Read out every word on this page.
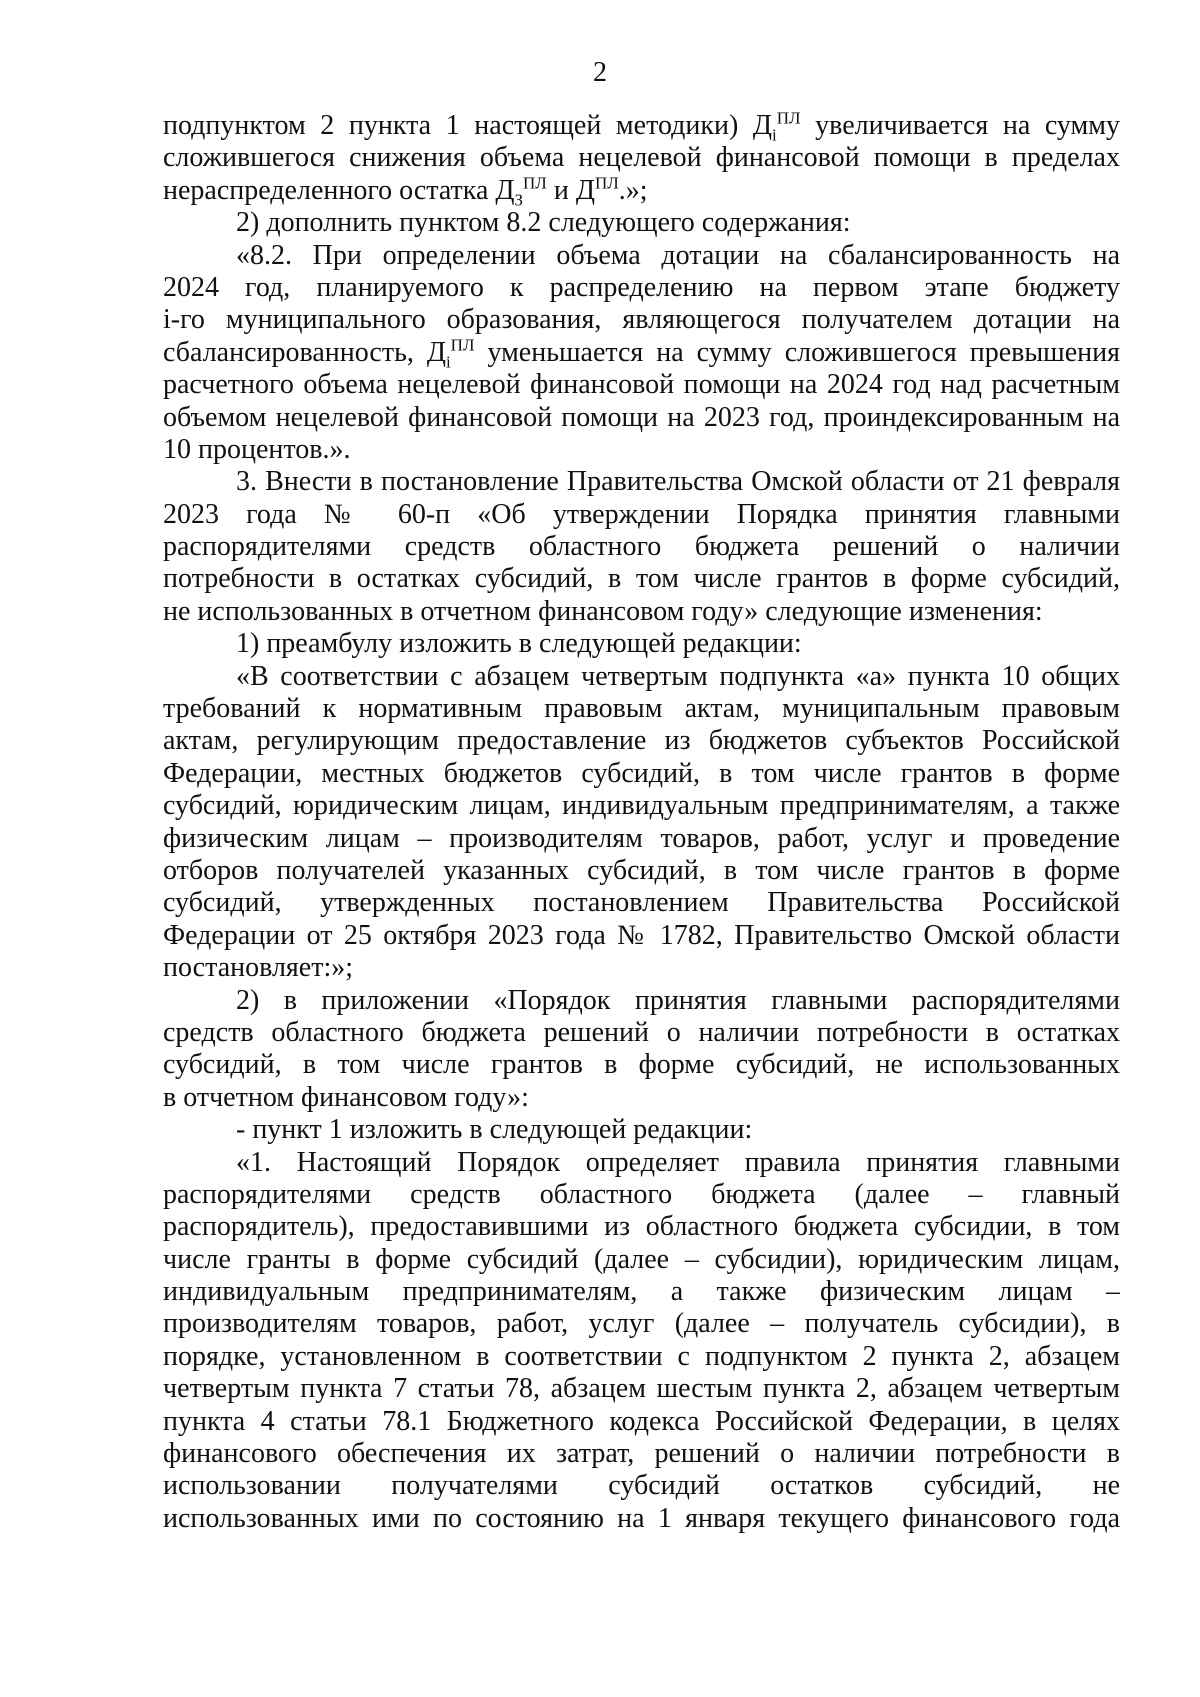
2
подпунктом 2 пункта 1 настоящей методики) $Д_i^{ПЛ}$ увеличивается на сумму
сложившегося снижения объема нецелевой финансовой помощи в пределах
нераспределенного остатка $Д_З^{ПЛ}$ и $Д^{ПЛ}$.»;
2) дополнить пунктом 8.2 следующего содержания:
«8.2. При определении объема дотации на сбалансированность на
2024 год, планируемого к распределению на первом этапе бюджету
i-го муниципального образования, являющегося получателем дотации на
сбалансированность, $Д_i^{ПЛ}$ уменьшается на сумму сложившегося превышения
расчетного объема нецелевой финансовой помощи на 2024 год над расчетным
объемом нецелевой финансовой помощи на 2023 год, проиндексированным на
10 процентов.».
3. Внести в постановление Правительства Омской области от 21 февраля
2023 года № 60-п «Об утверждении Порядка принятия главными
распорядителями средств областного бюджета решений о наличии
потребности в остатках субсидий, в том числе грантов в форме субсидий,
не использованных в отчетном финансовом году» следующие изменения:
1) преамбулу изложить в следующей редакции:
«В соответствии с абзацем четвертым подпункта «а» пункта 10 общих
требований к нормативным правовым актам, муниципальным правовым
актам, регулирующим предоставление из бюджетов субъектов Российской
Федерации, местных бюджетов субсидий, в том числе грантов в форме
субсидий, юридическим лицам, индивидуальным предпринимателям, а также
физическим лицам – производителям товаров, работ, услуг и проведение
отборов получателей указанных субсидий, в том числе грантов в форме
субсидий, утвержденных постановлением Правительства Российской
Федерации от 25 октября 2023 года № 1782, Правительство Омской области
постановляет:»;
2) в приложении «Порядок принятия главными распорядителями
средств областного бюджета решений о наличии потребности в остатках
субсидий, в том числе грантов в форме субсидий, не использованных
в отчетном финансовом году»:
- пункт 1 изложить в следующей редакции:
«1. Настоящий Порядок определяет правила принятия главными
распорядителями средств областного бюджета (далее – главный
распорядитель), предоставившими из областного бюджета субсидии, в том
числе гранты в форме субсидий (далее – субсидии), юридическим лицам,
индивидуальным предпринимателям, а также физическим лицам –
производителям товаров, работ, услуг (далее – получатель субсидии), в
порядке, установленном в соответствии с подпунктом 2 пункта 2, абзацем
четвертым пункта 7 статьи 78, абзацем шестым пункта 2, абзацем четвертым
пункта 4 статьи 78.1 Бюджетного кодекса Российской Федерации, в целях
финансового обеспечения их затрат, решений о наличии потребности в
использовании получателями субсидий остатков субсидий, не
использованных ими по состоянию на 1 января текущего финансового года
